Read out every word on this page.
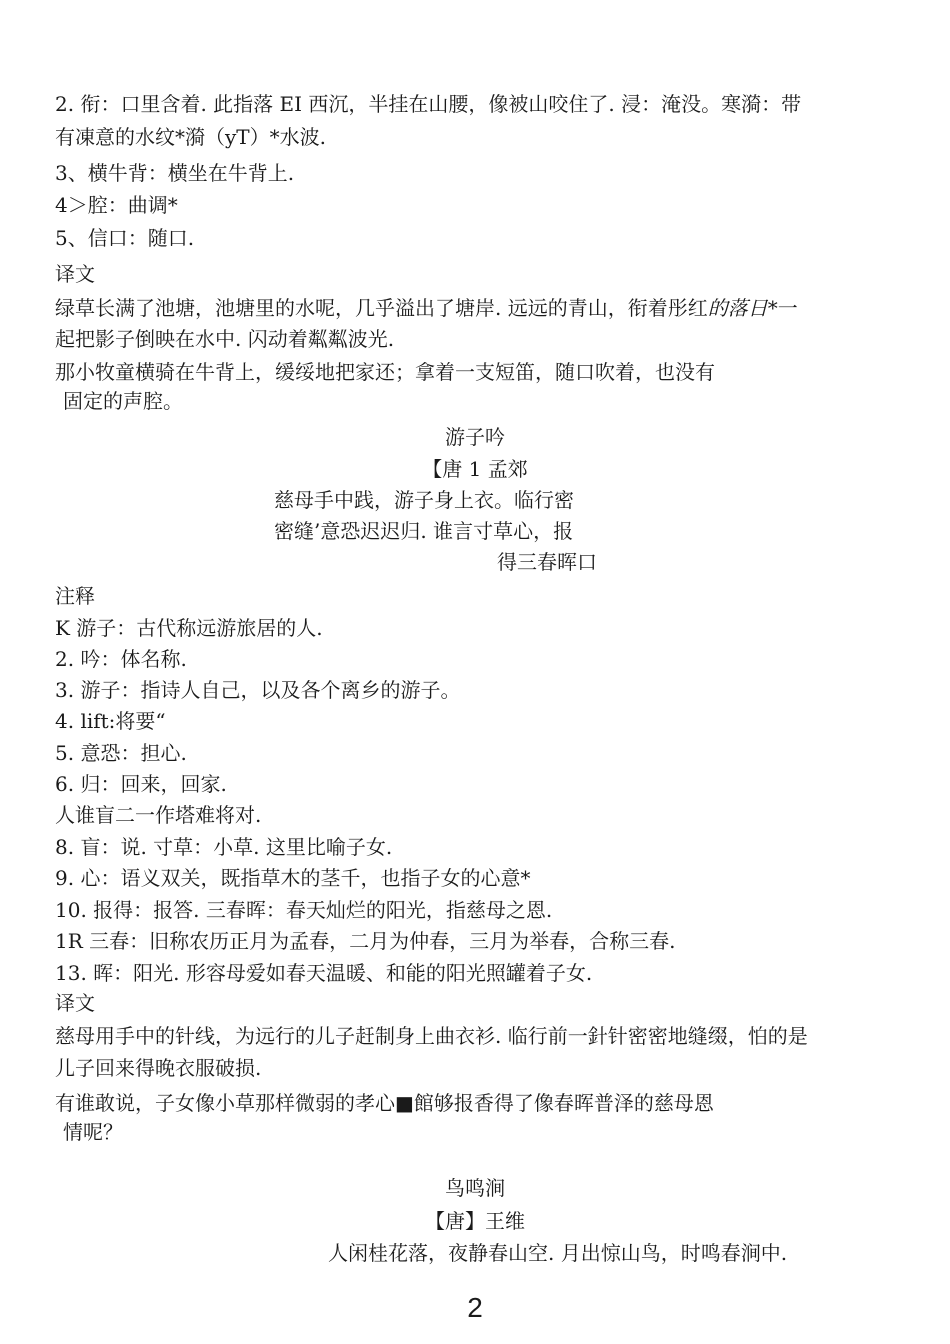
2. 衔：口里含着. 此指落 EI 西沉，半挂在山腰，像被山咬住了. 浸：淹没。寒漪：带
有凍意的水纹*漪（yT）*水波.
3、横牛背：横坐在牛背上.
4＞腔：曲调*
5、信口：随口.
译文
绿草长满了池塘，池塘里的水呢，几乎溢出了塘岸. 远远的青山，衔着彤红的落日*一
起把影子倒映在水中. 闪动着粼粼波光.
那小牧童横骑在牛背上，缓绥地把家还；拿着一支短笛，随口吹着，也没有
固定的声腔。
游子吟
【唐 1 孟郊
慈母手中践，游子身上衣。临行密
密缝’意恐迟迟归. 谁言寸草心，报
得三春晖口
注释
K 游子：古代称远游旅居的人.
2. 吟：体名称.
3. 游子：指诗人自己，以及各个离乡的游子。
4. lift:将要“
5. 意恐：担心.
6. 归：回来，回家.
人谁盲二一作塔难将对.
8. 盲：说. 寸草：小草. 这里比喻子女.
9. 心：语义双关，既指草木的茎千，也指子女的心意*
10. 报得：报答. 三春晖：春天灿烂的阳光，指慈母之恩.
1R 三春：旧称农历正月为孟春，二月为仲春，三月为举春，合称三春.
13. 晖：阳光. 形容母爱如春天温暖、和能的阳光照罐着子女.
译文
慈母用手中的针线，为远行的儿子赶制身上曲衣衫. 临行前一針针密密地缝缀，怕的是
儿子回来得晚衣服破损.
有谁敢说，子女像小草那样微弱的孝心■館够报香得了像春晖普泽的慈母恩
情呢？
鸟鸣涧
【唐】王维
人闲桂花落，夜静春山空. 月出惊山鸟，时鸣春涧中.
2
